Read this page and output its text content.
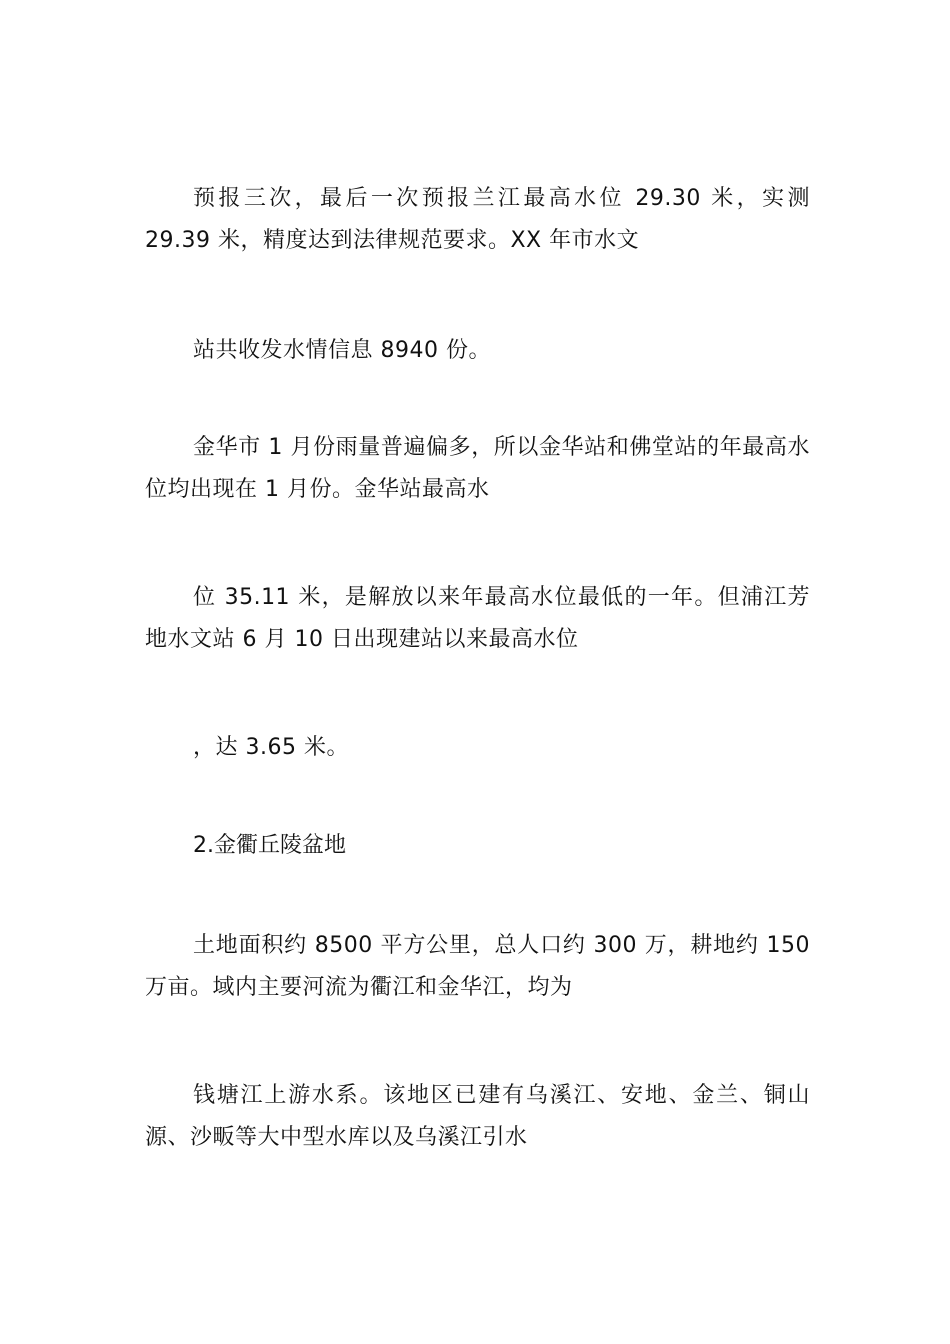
预报三次，最后一次预报兰江最高水位 29.30 米，实测 29.39 米，精度达到法律规范要求。XX 年市水文

站共收发水情信息 8940 份。

金华市 1 月份雨量普遍偏多，所以金华站和佛堂站的年最高水位均出现在 1 月份。金华站最高水

位 35.11 米，是解放以来年最高水位最低的一年。但浦江芳地水文站 6 月 10 日出现建站以来最高水位

，达 3.65 米。

2.金衢丘陵盆地

土地面积约 8500 平方公里，总人口约 300 万，耕地约 150 万亩。域内主要河流为衢江和金华江，均为

钱塘江上游水系。该地区已建有乌溪江、安地、金兰、铜山源、沙畈等大中型水库以及乌溪江引水
